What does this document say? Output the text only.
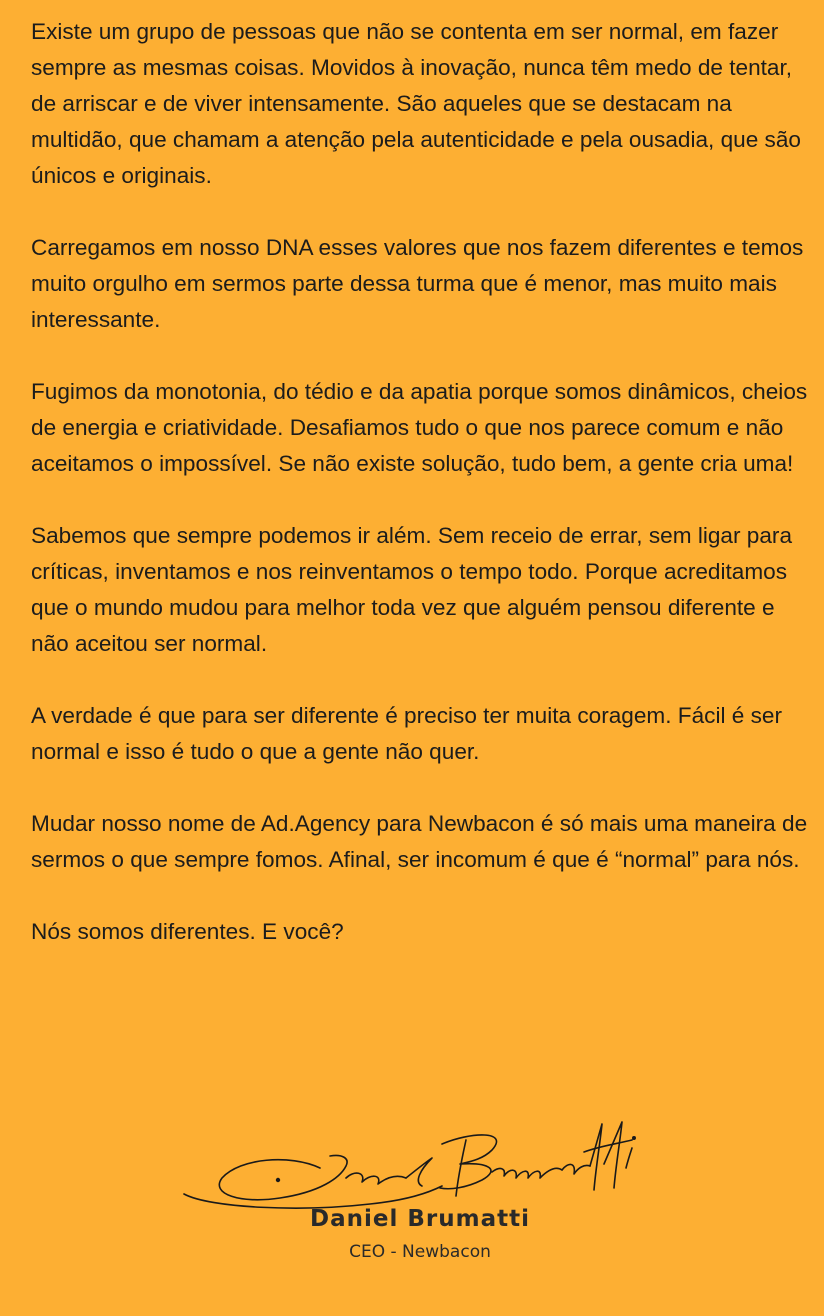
Existe um grupo de pessoas que não se contenta em ser normal, em fazer sempre as mesmas coisas. Movidos à inovação, nunca têm medo de tentar, de arriscar e de viver intensamente. São aqueles que se destacam na multidão, que chamam a atenção pela autenticidade e pela ousadia, que são únicos e originais.

Carregamos em nosso DNA esses valores que nos fazem diferentes e temos muito orgulho em sermos parte dessa turma que é menor, mas muito mais interessante.

Fugimos da monotonia, do tédio e da apatia porque somos dinâmicos, cheios de energia e criatividade. Desafiamos tudo o que nos parece comum e não aceitamos o impossível. Se não existe solução, tudo bem, a gente cria uma!

Sabemos que sempre podemos ir além. Sem receio de errar, sem ligar para críticas, inventamos e nos reinventamos o tempo todo. Porque acreditamos que o mundo mudou para melhor toda vez que alguém pensou diferente e não aceitou ser normal.

A verdade é que para ser diferente é preciso ter muita coragem. Fácil é ser normal e isso é tudo o que a gente não quer.

Mudar nosso nome de Ad.Agency para Newbacon é só mais uma maneira de sermos o que sempre fomos. Afinal, ser incomum é que é “normal” para nós.

Nós somos diferentes. E você?

Daniel Brumatti
CEO - Newbacon
